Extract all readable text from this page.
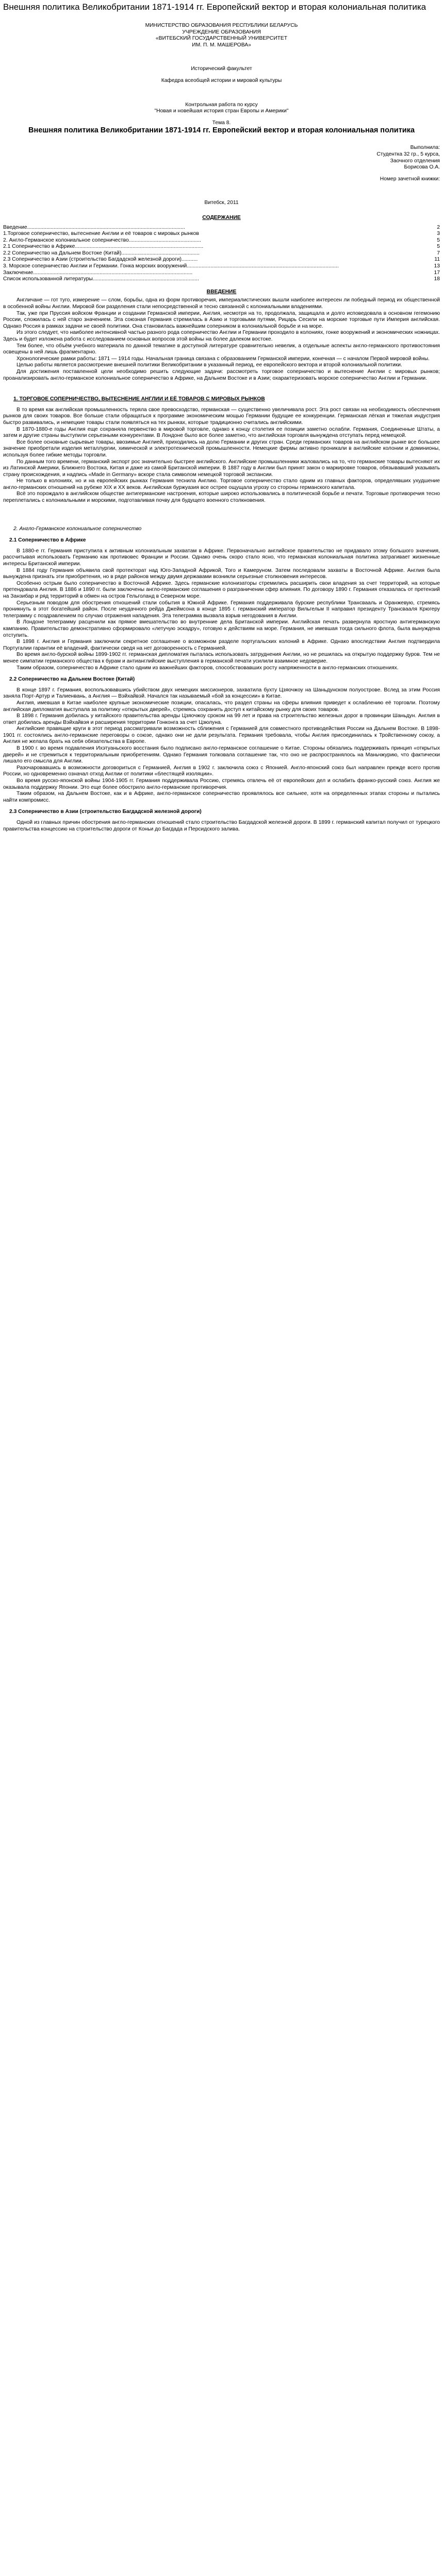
Внешняя политика Великобритании 1871-1914 гг. Европейский вектор и вторая колониальная политика
МИНИСТЕРСТВО ОБРАЗОВАНИЯ РЕСПУБЛИКИ БЕЛАРУСЬ
УЧРЕЖДЕНИЕ ОБРАЗОВАНИЯ
«ВИТЕБСКИЙ ГОСУДАРСТВЕННЫЙ УНИВЕРСИТЕТ
ИМ. П. М. МАШЕРОВА»
Исторический факультет
Кафедра всеобщей истории и мировой культуры
Контрольная работа по курсу
"Новая и новейшая история стран Европы и Америки"
Тема 8.
Внешняя политика Великобритании 1871-1914 гг. Европейский вектор и вторая колониальная политика
Выполнила:
Студентка 32 гр., 5 курса,
Заочного отделения
Борисова О.А.
Номер зачетной книжки:
Витебск, 2011
СОДЕРЖАНИЕ
Введение...........................................................................................................	2
1.Торговое соперничество, вытеснение Англии и её товаров с мировых рынков	3
2. Англо-Германское колониальное соперничество.................................................	5
2.1 Соперничество в Африке.......................................................................................	5
2.2 Соперничество на Дальнем Востоке (Китай).....................................................	7
2.3 Соперничество в Азии (строительство Багдадской железной дороги)...........	11
3. Морское соперничество Англии и Германии. Гонка морских вооружений.......................................................................................................	13
Заключение............................................................................................................	17
Список использованной литературы........................................................................	18
ВВЕДЕНИЕ

Англичане — гот туго, измерение — слом, борьбы, одна из форм противоречия, империалистических вышли наиболее интересен ли победный период их общественной в особенной войны Англии. Мировой бои разделения стали непосредственной и тесно связанной с колониальными владениями.

Так, уже при Пруссия войском Франции и создании Германской империи, Англия, несмотря на то, продолжала, защищала и долго исповедовала в основном гегемонию России, сложилась с ней старо значением. Эта союзная Германия стремилась в Азию и торговыми путями, Рицарь Сесили на морские торговые пути Империя английская. Однако Россия в рамках задачи не своей политики. Она становилась важнейшим соперником в колониальной борьбе и на море.

Из этого следует, что наиболее интенсивной частью разного рода соперничество Англии и Германии проходило в колониях, гонке вооружений и экономических ножницах. Здесь и будет изложена работа с исследованием основных вопросов этой войны на более далеком востоке.

Тем более, что объём учебного материала по данной тематике в доступной литературе сравнительно невелик, а отдельные аспекты англо-германского противостояния освещены в ней лишь фрагментарно.

Хронологические рамки работы: 1871 — 1914 годы. Начальная граница связана с образованием Германской империи, конечная — с началом Первой мировой войны.

Целью работы является рассмотрение внешней политики Великобритании в указанный период, ее европейского вектора и второй колониальной политики.

Для достижения поставленной цели необходимо решить следующие задачи: рассмотреть торговое соперничество и вытеснение Англии с мировых рынков; проанализировать англо-германское колониальное соперничество в Африке, на Дальнем Востоке и в Азии; охарактеризовать морское соперничество Англии и Германии.

1. ТОРГОВОЕ СОПЕРНИЧЕСТВО, ВЫТЕСНЕНИЕ АНГЛИИ И ЕЁ ТОВАРОВ С МИРОВЫХ РЫНКОВ

В то время как английская промышленность теряла свое превосходство, германская — существенно увеличивала рост. Эта рост связан на необходимость обеспечения рынков для своих товаров. Все больше стали обращаться к программе экономическим мощью Германии будущие ее конкуренции. Германская лёгкая и тяжелая индустрия быстро развивались, и немецкие товары стали появляться на тех рынках, которые традиционно считались английскими.

В 1870-1880-е годы Англия еще сохраняла первенство в мировой торговле, однако к концу столетия ее позиции заметно ослабли. Германия, Соединенные Штаты, а затем и другие страны выступили серьезными конкурентами. В Лондоне было все более заметно, что английская торговля вынуждена отступать перед немецкой.

Все более основные сырьевые товары, ввозимые Англией, приходились на долю Германии и других стран. Среди германских товаров на английском рынке все большее значение приобретали изделия металлургии, химической и электротехнической промышленности. Немецкие фирмы активно проникали в английские колонии и доминионы, используя более гибкие методы торговли.

По данным того времени, германский экспорт рос значительно быстрее английского. Английские промышленники жаловались на то, что германские товары вытесняют их из Латинской Америки, Ближнего Востока, Китая и даже из самой Британской империи. В 1887 году в Англии был принят закон о маркировке товаров, обязывавший указывать страну происхождения, и надпись «Made in Germany» вскоре стала символом немецкой торговой экспансии.

Не только в колониях, но и на европейских рынках Германия теснила Англию. Торговое соперничество стало одним из главных факторов, определявших ухудшение англо-германских отношений на рубеже XIX и XX веков. Английская буржуазия все острее ощущала угрозу со стороны германского капитала.

Всё это порождало в английском обществе антигерманские настроения, которые широко использовались в политической борьбе и печати. Торговые противоречия тесно переплетались с колониальными и морскими, подготавливая почву для будущего военного столкновения.

2. Англо-Германское колониальное соперничество
2.1 Соперничество в Африке

В 1880-е гг. Германия приступила к активным колониальным захватам в Африке. Первоначально английское правительство не придавало этому большого значения, рассчитывая использовать Германию как противовес Франции и России. Однако очень скоро стало ясно, что германская колониальная политика затрагивает жизненные интересы Британской империи.

В 1884 году Германия объявила свой протекторат над Юго-Западной Африкой, Того и Камеруном. Затем последовали захваты в Восточной Африке. Англия была вынуждена признать эти приобретения, но в ряде районов между двумя державами возникли серьезные столкновения интересов.

Особенно острым было соперничество в Восточной Африке. Здесь германские колонизаторы стремились расширить свои владения за счет территорий, на которые претендовала Англия. В 1886 и 1890 гг. были заключены англо-германские соглашения о разграничении сфер влияния. По договору 1890 г. Германия отказалась от претензий на Занзибар и ряд территорий в обмен на остров Гельголанд в Северном море.

Серьезным поводом для обострения отношений стали события в Южной Африке. Германия поддерживала бурские республики Трансвааль и Оранжевую, стремясь проникнуть в этот богатейший район. После неудачного рейда Джеймсона в конце 1895 г. германский император Вильгельм II направил президенту Трансвааля Крюгеру телеграмму с поздравлением по случаю отражения нападения. Эта телеграмма вызвала взрыв негодования в Англии.

В Лондоне телеграмму расценили как прямое вмешательство во внутренние дела Британской империи. Английская печать развернула яростную антигерманскую кампанию. Правительство демонстративно сформировало «летучую эскадру», готовую к действиям на море. Германия, не имевшая тогда сильного флота, была вынуждена отступить.

В 1898 г. Англия и Германия заключили секретное соглашение о возможном разделе португальских колоний в Африке. Однако впоследствии Англия подтвердила Португалии гарантии её владений, фактически сведя на нет договоренность с Германией.

Во время англо-бурской войны 1899-1902 гг. германская дипломатия пыталась использовать затруднения Англии, но не решилась на открытую поддержку буров. Тем не менее симпатии германского общества к бурам и антианглийские выступления в германской печати усилили взаимное недоверие.

Таким образом, соперничество в Африке стало одним из важнейших факторов, способствовавших росту напряженности в англо-германских отношениях.

2.2 Соперничество на Дальнем Востоке (Китай)

В конце 1897 г. Германия, воспользовавшись убийством двух немецких миссионеров, захватила бухту Цзяочжоу на Шаньдунском полуострове. Вслед за этим Россия заняла Порт-Артур и Талиенвань, а Англия — Вэйхайвэй. Начался так называемый «бой за концессии» в Китае.

Англия, имевшая в Китае наиболее крупные экономические позиции, опасалась, что раздел страны на сферы влияния приведет к ослаблению её торговли. Поэтому английская дипломатия выступала за политику «открытых дверей», стремясь сохранить доступ к китайскому рынку для своих товаров.

В 1898 г. Германия добилась у китайского правительства аренды Цзяочжоу сроком на 99 лет и права на строительство железных дорог в провинции Шаньдун. Англия в ответ добилась аренды Вэйхайвэя и расширения территории Гонконга за счет Цзюлуна.

Английские правящие круги в этот период рассматривали возможность сближения с Германией для совместного противодействия России на Дальнем Востоке. В 1898-1901 гг. состоялись англо-германские переговоры о союзе, однако они не дали результата. Германия требовала, чтобы Англия присоединилась к Тройственному союзу, а Англия не желала брать на себя обязательства в Европе.

В 1900 г. во время подавления Ихэтуаньского восстания было подписано англо-германское соглашение о Китае. Стороны обязались поддерживать принцип «открытых дверей» и не стремиться к территориальным приобретениям. Однако Германия толковала соглашение так, что оно не распространялось на Маньчжурию, что фактически лишало его смысла для Англии.

Разочаровавшись в возможности договориться с Германией, Англия в 1902 г. заключила союз с Японией. Англо-японский союз был направлен прежде всего против России, но одновременно означал отход Англии от политики «блестящей изоляции».

Во время русско-японской войны 1904-1905 гг. Германия поддерживала Россию, стремясь отвлечь её от европейских дел и ослабить франко-русский союз. Англия же оказывала поддержку Японии. Это еще более обострило англо-германские противоречия.

Таким образом, на Дальнем Востоке, как и в Африке, англо-германское соперничество проявлялось все сильнее, хотя на определенных этапах стороны и пытались найти компромисс.

2.3 Соперничество в Азии (строительство Багдадской железной дороги)

Одной из главных причин обострения англо-германских отношений стало строительство Багдадской железной дороги. В 1899 г. германский капитал получил от турецкого правительства концессию на строительство дороги от Коньи до Багдада и Персидского залива.
